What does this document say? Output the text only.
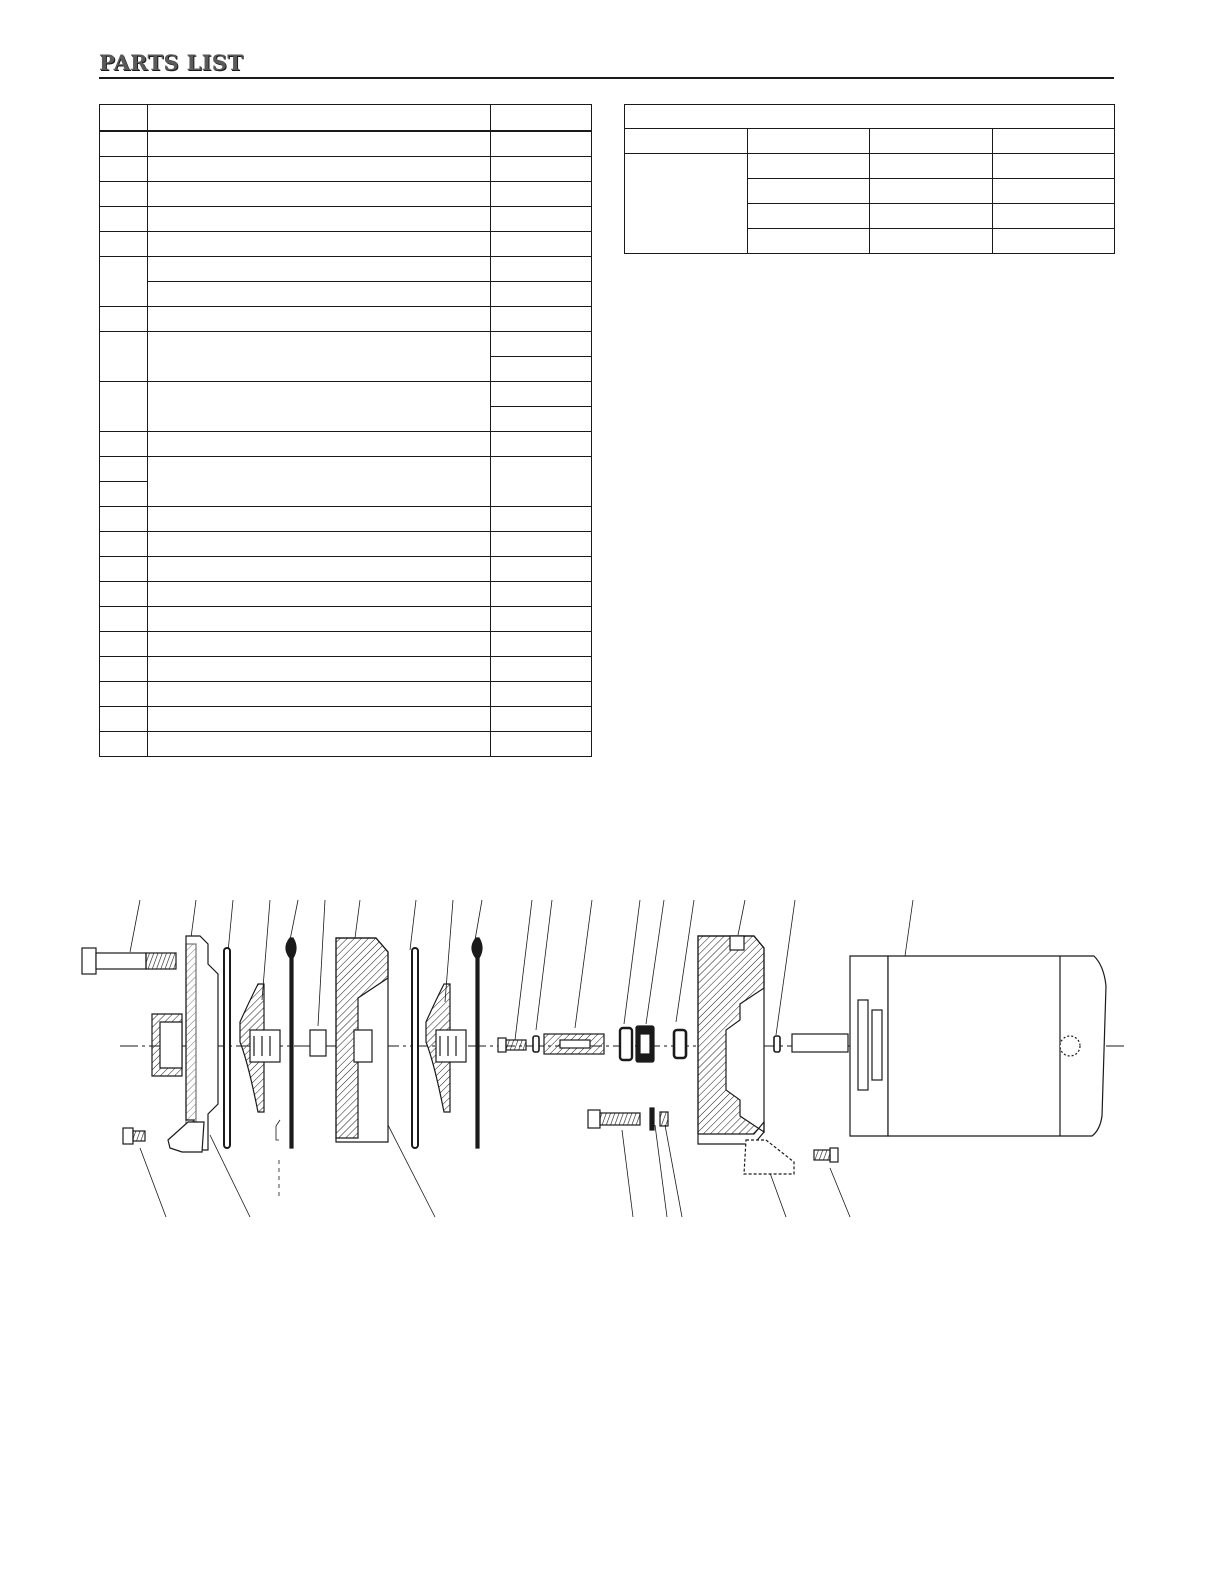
PARTS LIST
